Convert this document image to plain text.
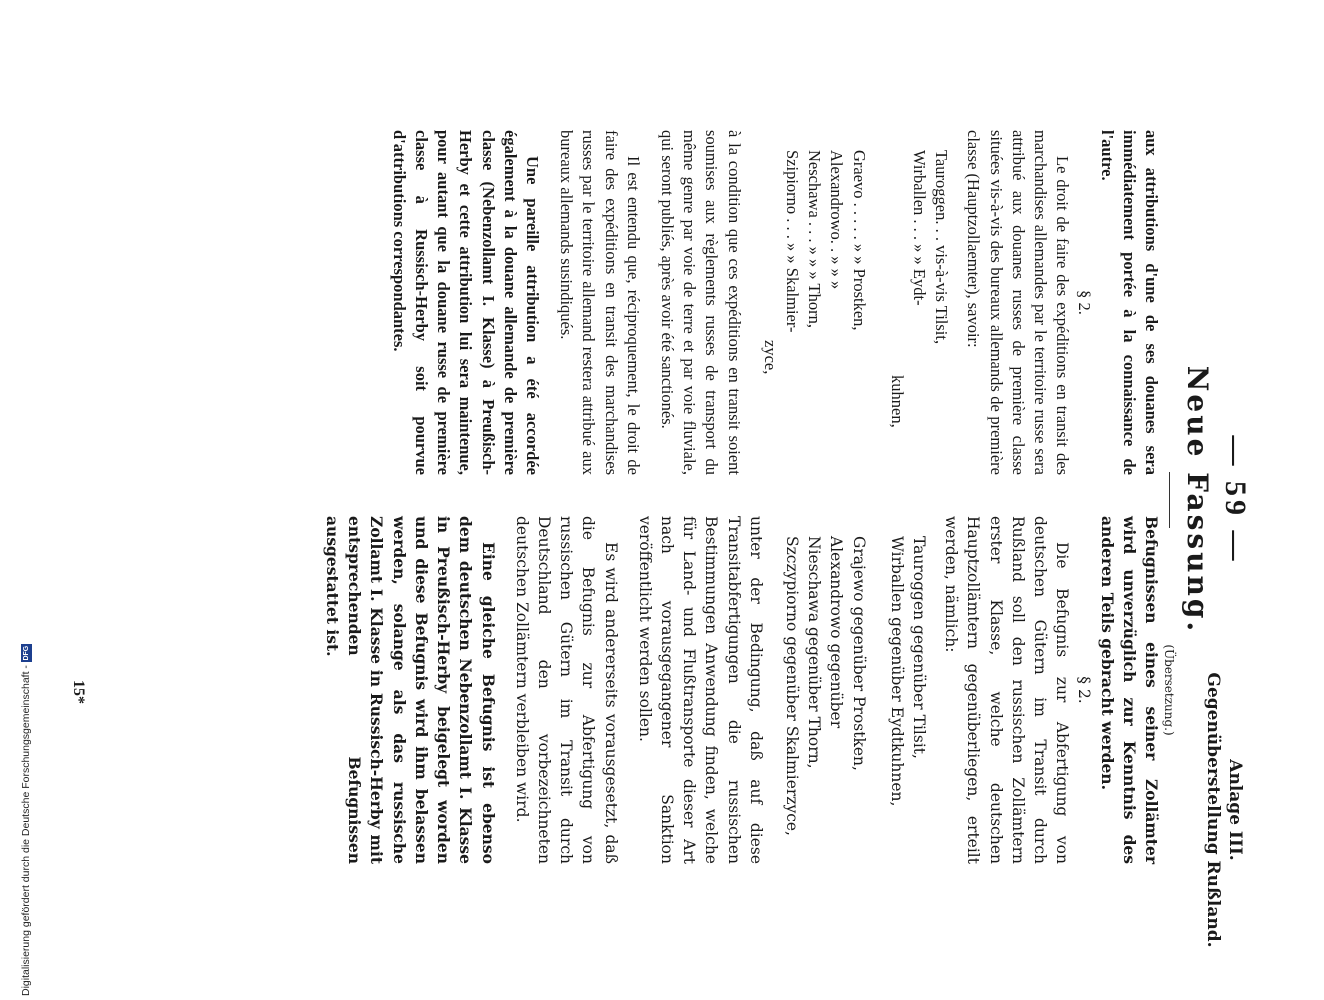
— 59 —
Neue Fassung.
Anlage III.
Gegenüberstellung Rußland.

aux attributions d'une de ses douanes sera immédiatement portée à la connaissance de l'autre.

§ 2.

Le droit de faire des expéditions en transit des marchandises allemandes par le territoire russe sera attribué aux douanes russes de première classe situées vis-à-vis des bureaux allemands de première classe (Hauptzollaemter), savoir:

Tauroggen. . . vis-à-vis Tilsit,
Wirballen . . . » » Eydt-
kuhnen,
Graevo . . . . . » » Prostken,
Alexandrowo. . » » »
Neschawa . . . » » » Thorn,
Szipiorno . . . » » Skalmier-
zyce,

à la condition que ces expéditions en transit soient soumises aux règlements russes de transport du même genre par voie de terre et par voie fluviale, qui seront publiés, après avoir été sanctionés.

Il est entendu que, réciproquement, le droit de faire des expéditions en transit des marchandises russes par le territoire allemand restera attribué aux bureaux allemands susindiqués.

Une pareille attribution a été accordée également à la douane allemande de première classe (Nebenzollamt I. Klasse) à Preußisch-Herby et cette attribution lui sera maintenue, pour autant que la douane russe de première classe à Russisch-Herby soit pourvue d'attributions correspondantes.

(Übersetzung.)

Befugnissen eines seiner Zollämter wird unverzüglich zur Kenntnis des anderen Teils gebracht werden.

§ 2.

Die Befugnis zur Abfertigung von deutschen Gütern im Transit durch Rußland soll den russischen Zollämtern erster Klasse, welche deutschen Hauptzollämtern gegenüberliegen, erteilt werden, nämlich:

Tauroggen gegenüber Tilsit,
Wirballen gegenüber Eydtkuhnen,
Grajewo gegenüber Prostken,
Alexandrowo gegenüber
Nieschawa gegenüber Thorn,
Szczypiorno gegenüber Skalmierzyce,

unter der Bedingung, daß auf diese Transitabfertigungen die russischen Bestimmungen Anwendung finden, welche für Land- und Flußtransporte dieser Art nach vorausgegangener Sanktion veröffentlicht werden sollen.

Es wird andererseits vorausgesetzt, daß die Befugnis zur Abfertigung von russischen Gütern im Transit durch Deutschland den vorbezeichneten deutschen Zollämtern verbleiben wird.

Eine gleiche Befugnis ist ebenso dem deutschen Nebenzollamt I. Klasse in Preußisch-Herby beigelegt worden und diese Befugnis wird ihm belassen werden, solange als das russische Zollamt I. Klasse in Russisch-Herby mit entsprechenden Befugnissen ausgestattet ist.

15*
Digitalisierung gefördert durch die Deutsche Forschungsgemeinschaft - DFG
